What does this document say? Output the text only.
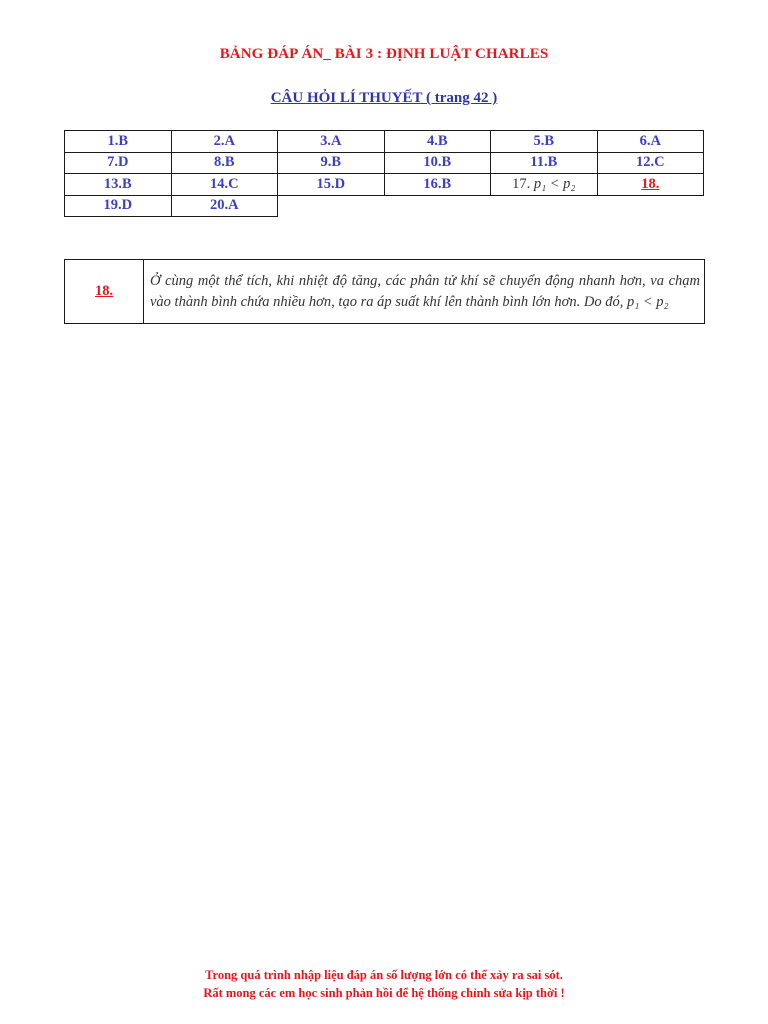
BẢNG ĐÁP ÁN_ BÀI 3 : ĐỊNH LUẬT CHARLES
CÂU HỎI LÍ THUYẾT ( trang 42 )
1.B	2.A	3.A	4.B	5.B	6.A
7.D	8.B	9.B	10.B	11.B	12.C
13.B	14.C	15.D	16.B	17. p₁ < p₂	18.
19.D	20.A				
18.	Ở cùng một thể tích, khi nhiệt độ tăng, các phân tử khí sẽ chuyển động nhanh hơn, va chạm vào thành bình chứa nhiều hơn, tạo ra áp suất khí lên thành bình lớn hơn. Do đó, p₁ < p₂
Trong quá trình nhập liệu đáp án số lượng lớn có thể xảy ra sai sót.
Rất mong các em học sinh phản hồi để hệ thống chỉnh sửa kịp thời !
